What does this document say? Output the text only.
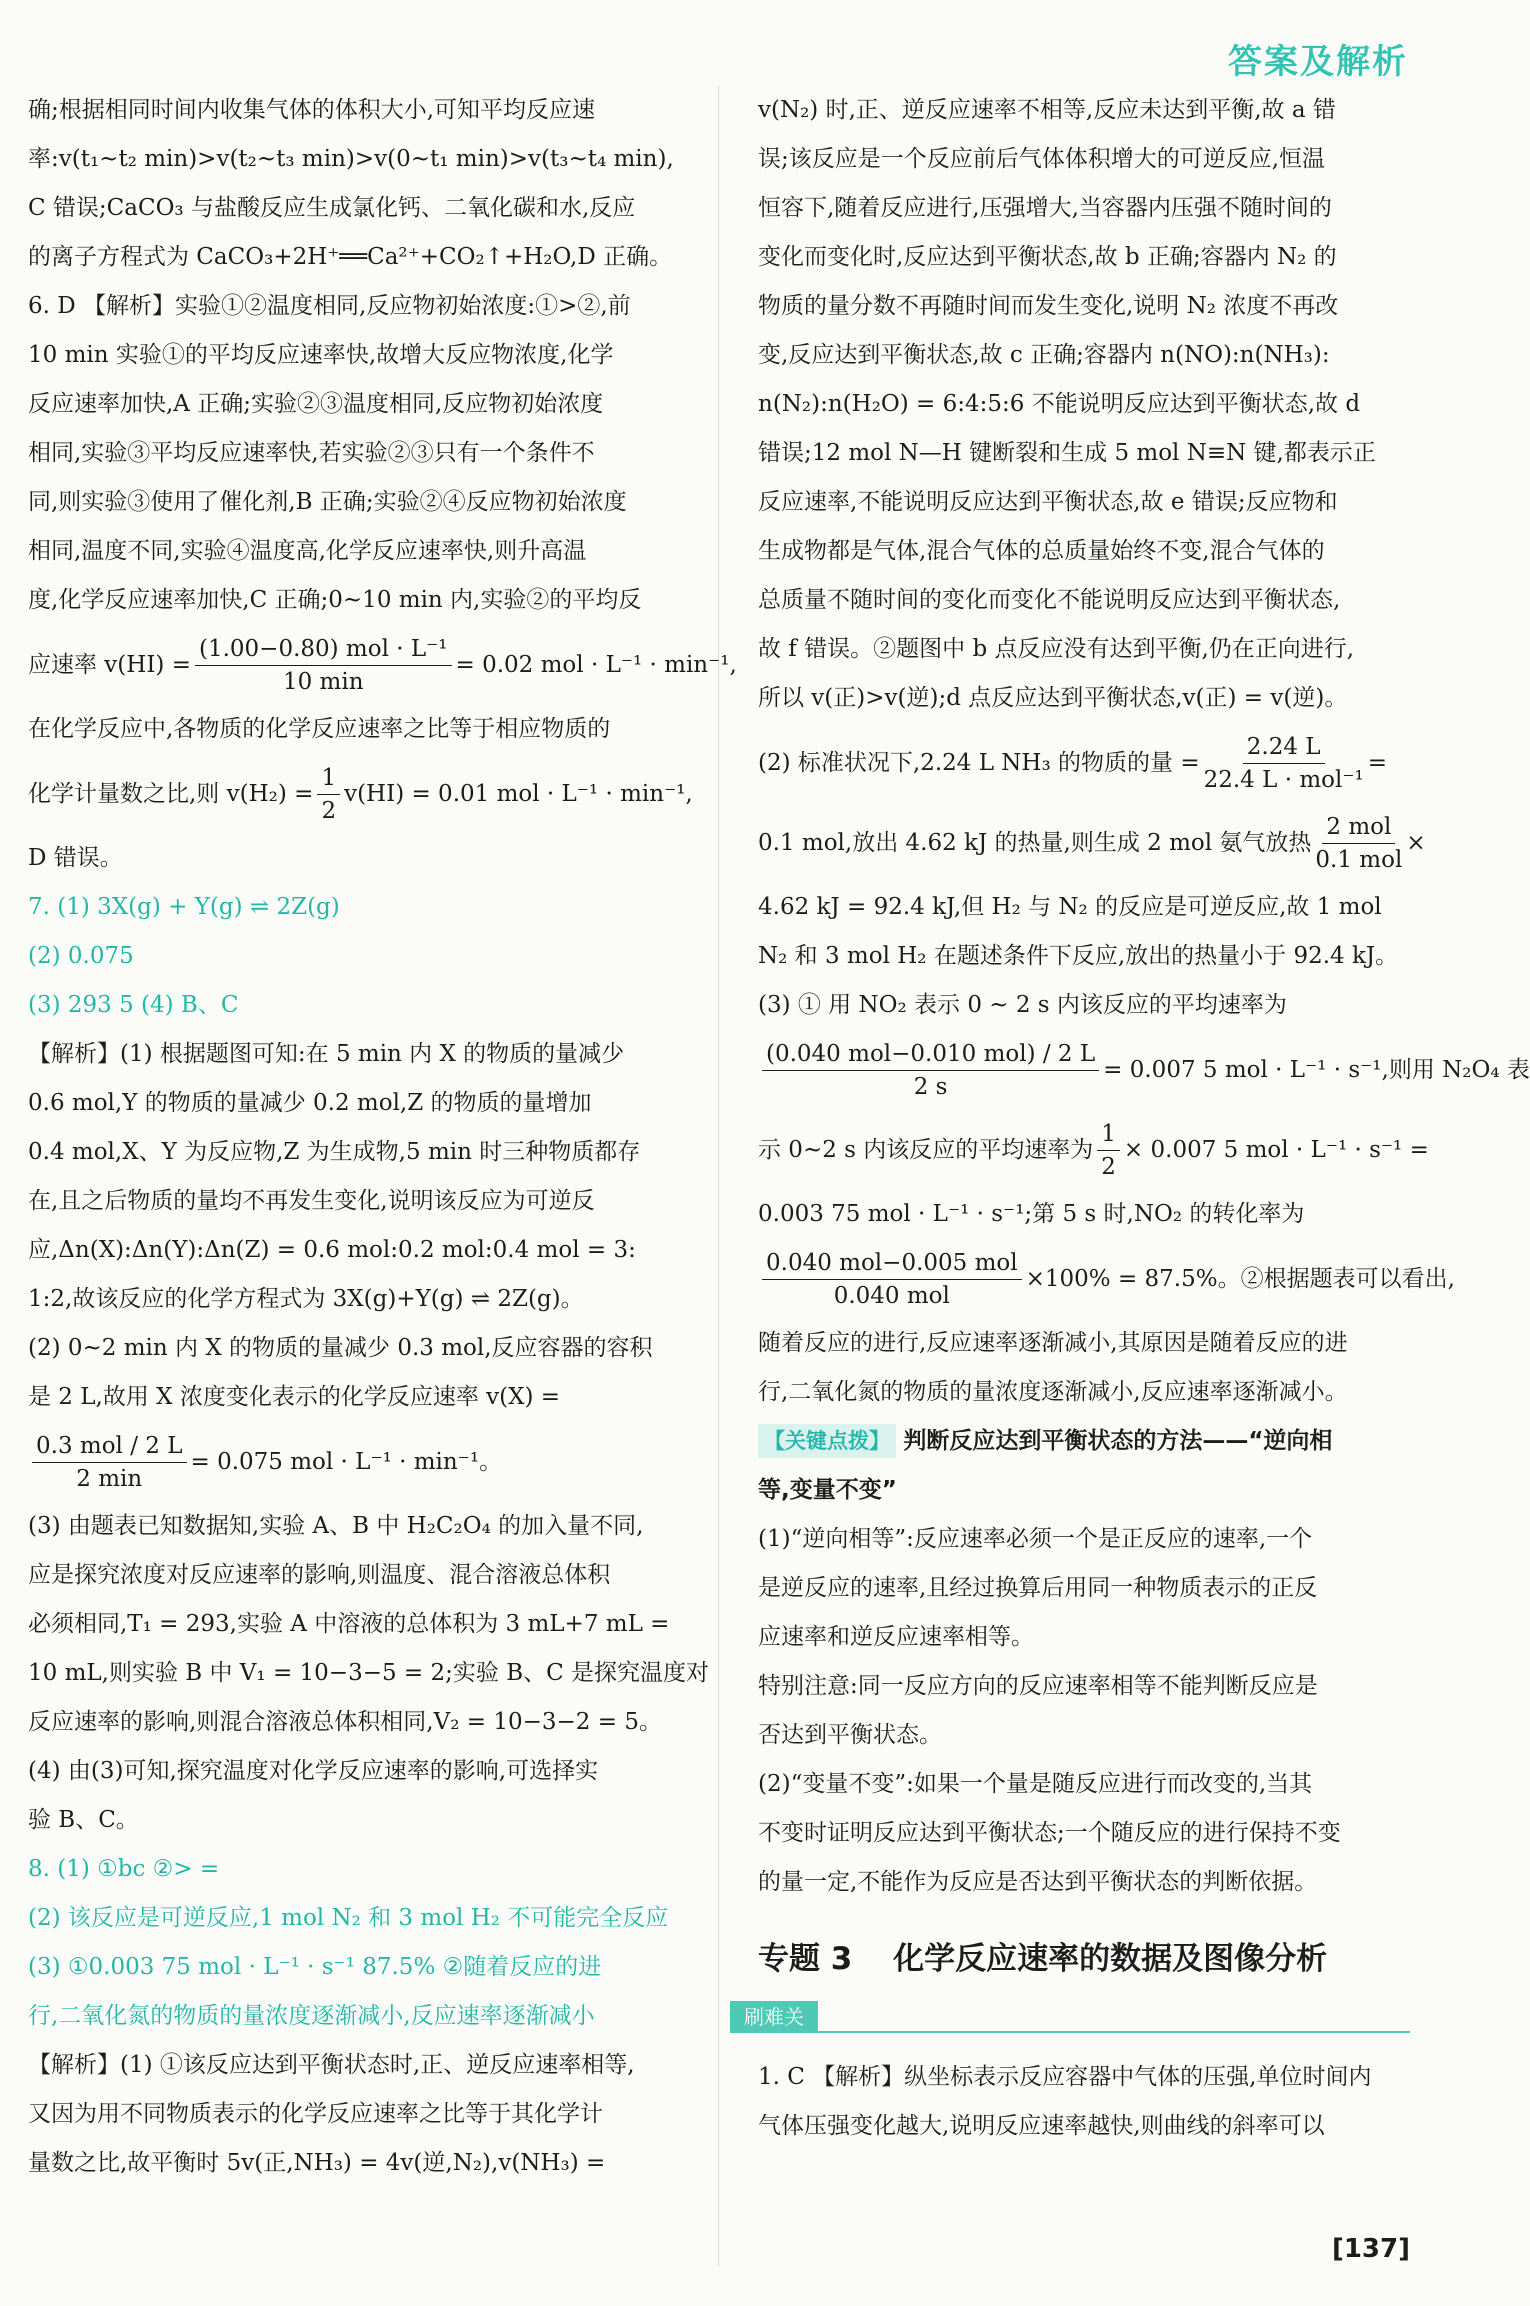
答案及解析
确;根据相同时间内收集气体的体积大小,可知平均反应速
率:v(t₁~t₂ min)>v(t₂~t₃ min)>v(0~t₁ min)>v(t₃~t₄ min),
C 错误;CaCO₃ 与盐酸反应生成氯化钙、二氧化碳和水,反应
的离子方程式为 CaCO₃+2H⁺══Ca²⁺+CO₂↑+H₂O,D 正确。
6. D 【解析】实验①②温度相同,反应物初始浓度:①>②,前
10 min 实验①的平均反应速率快,故增大反应物浓度,化学
反应速率加快,A 正确;实验②③温度相同,反应物初始浓度
相同,实验③平均反应速率快,若实验②③只有一个条件不
同,则实验③使用了催化剂,B 正确;实验②④反应物初始浓度
相同,温度不同,实验④温度高,化学反应速率快,则升高温
度,化学反应速率加快,C 正确;0~10 min 内,实验②的平均反
应速率 $v(HI) = \frac{\text{(1.00−0.80) mol · L⁻¹}}{10 \min} = 0.02$ mol · L⁻¹ · min⁻¹,
在化学反应中,各物质的化学反应速率之比等于相应物质的
化学计量数之比,则 $v(H_2) = \frac{1}{2} v(HI) = 0.01$ mol · L⁻¹ · min⁻¹,
D 错误。
7. (1) 3X(g) + Y(g) ⇌ 2Z(g)
(2) 0.075
(3) 293 5 (4) B、C
【解析】(1) 根据题图可知:在 5 min 内 X 的物质的量减少
0.6 mol,Y 的物质的量减少 0.2 mol,Z 的物质的量增加
0.4 mol,X、Y 为反应物,Z 为生成物,5 min 时三种物质都存
在,且之后物质的量均不再发生变化,说明该反应为可逆反
应,Δn(X):Δn(Y):Δn(Z) = 0.6 mol:0.2 mol:0.4 mol = 3:
1:2,故该反应的化学方程式为 3X(g)+Y(g) ⇌ 2Z(g)。
(2) 0~2 min 内 X 的物质的量减少 0.3 mol,反应容器的容积
是 2 L,故用 X 浓度变化表示的化学反应速率 v(X) =
$\frac{\text{0.3 mol / 2 L}}{2 \min} = 0.075$ mol · L⁻¹ · min⁻¹。
(3) 由题表已知数据知,实验 A、B 中 H₂C₂O₄ 的加入量不同,
应是探究浓度对反应速率的影响,则温度、混合溶液总体积
必须相同,T₁ = 293,实验 A 中溶液的总体积为 3 mL+7 mL =
10 mL,则实验 B 中 V₁ = 10−3−5 = 2;实验 B、C 是探究温度对
反应速率的影响,则混合溶液总体积相同,V₂ = 10−3−2 = 5。
(4) 由(3)可知,探究温度对化学反应速率的影响,可选择实
验 B、C。
8. (1) ①bc ②> =
(2) 该反应是可逆反应,1 mol N₂ 和 3 mol H₂ 不可能完全反应
(3) ①0.003 75 mol · L⁻¹ · s⁻¹ 87.5% ②随着反应的进
行,二氧化氮的物质的量浓度逐渐减小,反应速率逐渐减小
【解析】(1) ①该反应达到平衡状态时,正、逆反应速率相等,
又因为用不同物质表示的化学反应速率之比等于其化学计
量数之比,故平衡时 5v(正,NH₃) = 4v(逆,N₂),v(NH₃) =
v(N₂) 时,正、逆反应速率不相等,反应未达到平衡,故 a 错
误;该反应是一个反应前后气体体积增大的可逆反应,恒温
恒容下,随着反应进行,压强增大,当容器内压强不随时间的
变化而变化时,反应达到平衡状态,故 b 正确;容器内 N₂ 的
物质的量分数不再随时间而发生变化,说明 N₂ 浓度不再改
变,反应达到平衡状态,故 c 正确;容器内 n(NO):n(NH₃):
n(N₂):n(H₂O) = 6:4:5:6 不能说明反应达到平衡状态,故 d
错误;12 mol N—H 键断裂和生成 5 mol N≡N 键,都表示正
反应速率,不能说明反应达到平衡状态,故 e 错误;反应物和
生成物都是气体,混合气体的总质量始终不变,混合气体的
总质量不随时间的变化而变化不能说明反应达到平衡状态,
故 f 错误。②题图中 b 点反应没有达到平衡,仍在正向进行,
所以 v(正)>v(逆);d 点反应达到平衡状态,v(正) = v(逆)。
(2) 标准状况下,2.24 L NH₃ 的物质的量 = $\frac{2.24 L}{\text{22.4 L · mol⁻¹}}$ =
0.1 mol,放出 4.62 kJ 的热量,则生成 2 mol 氨气放热 $\frac{\text{2 mol}}{\text{0.1 mol}}$ ×
4.62 kJ = 92.4 kJ,但 H₂ 与 N₂ 的反应是可逆反应,故 1 mol
N₂ 和 3 mol H₂ 在题述条件下反应,放出的热量小于 92.4 kJ。
(3) ① 用 NO₂ 表示 0 ~ 2 s 内该反应的平均速率为
$\frac{\text{(0.040 mol−0.010 mol) / 2 L}}{2 s} = 0.007$ 5 mol · L⁻¹ · s⁻¹,则用 N₂O₄ 表
示 0~2 s 内该反应的平均速率为 $\frac{1}{2} \times 0.007$ 5 mol · L⁻¹ · s⁻¹ =
0.003 75 mol · L⁻¹ · s⁻¹;第 5 s 时,NO₂ 的转化率为
$\frac{\text{0.040 mol−0.005 mol}}{\text{0.040 mol}} \times 100\% = 87.5\%$。②根据题表可以看出,
随着反应的进行,反应速率逐渐减小,其原因是随着反应的进
行,二氧化氮的物质的量浓度逐渐减小,反应速率逐渐减小。
【关键点拨】 判断反应达到平衡状态的方法——“逆向相
等,变量不变”
(1)“逆向相等”:反应速率必须一个是正反应的速率,一个
是逆反应的速率,且经过换算后用同一种物质表示的正反
应速率和逆反应速率相等。
特别注意:同一反应方向的反应速率相等不能判断反应是
否达到平衡状态。
(2)“变量不变”:如果一个量是随反应进行而改变的,当其
不变时证明反应达到平衡状态;一个随反应的进行保持不变
的量一定,不能作为反应是否达到平衡状态的判断依据。
专题 3 化学反应速率的数据及图像分析
刷难关
1. C 【解析】纵坐标表示反应容器中气体的压强,单位时间内
气体压强变化越大,说明反应速率越快,则曲线的斜率可以
[137]
